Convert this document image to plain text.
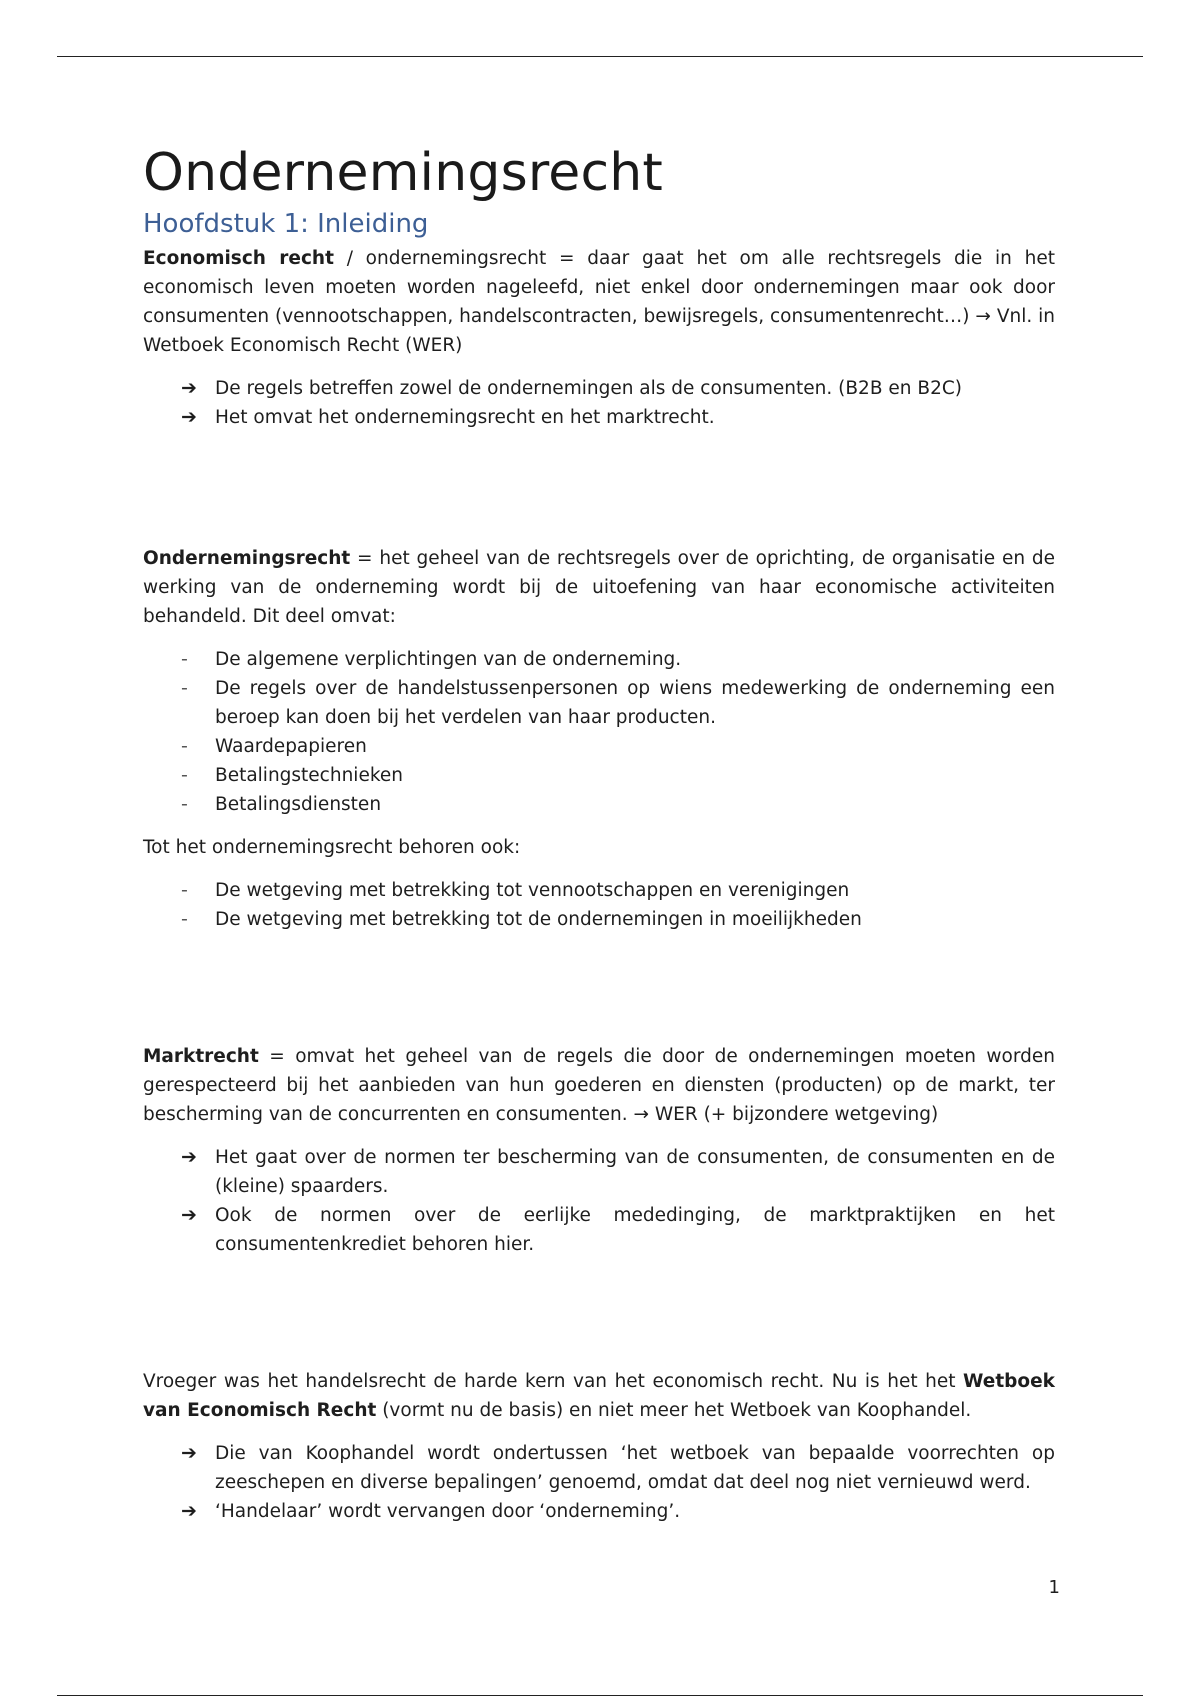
Ondernemingsrecht
Hoofdstuk 1: Inleiding

Economisch recht / ondernemingsrecht = daar gaat het om alle rechtsregels die in het economisch leven moeten worden nageleefd, niet enkel door ondernemingen maar ook door consumenten (vennootschappen, handelscontracten, bewijsregels, consumentenrecht…) → Vnl. in Wetboek Economisch Recht (WER)

➔ De regels betreffen zowel de ondernemingen als de consumenten. (B2B en B2C)
➔ Het omvat het ondernemingsrecht en het marktrecht.

Ondernemingsrecht = het geheel van de rechtsregels over de oprichting, de organisatie en de werking van de onderneming wordt bij de uitoefening van haar economische activiteiten behandeld. Dit deel omvat:

-	De algemene verplichtingen van de onderneming.
-	De regels over de handelstussenpersonen op wiens medewerking de onderneming een beroep kan doen bij het verdelen van haar producten.
-	Waardepapieren
-	Betalingstechnieken
-	Betalingsdiensten

Tot het ondernemingsrecht behoren ook:

-	De wetgeving met betrekking tot vennootschappen en verenigingen
-	De wetgeving met betrekking tot de ondernemingen in moeilijkheden

Marktrecht = omvat het geheel van de regels die door de ondernemingen moeten worden gerespecteerd bij het aanbieden van hun goederen en diensten (producten) op de markt, ter bescherming van de concurrenten en consumenten. → WER (+ bijzondere wetgeving)

➔ Het gaat over de normen ter bescherming van de consumenten, de consumenten en de (kleine) spaarders.
➔ Ook de normen over de eerlijke mededinging, de marktpraktijken en het consumentenkrediet behoren hier.

Vroeger was het handelsrecht de harde kern van het economisch recht. Nu is het het Wetboek van Economisch Recht (vormt nu de basis) en niet meer het Wetboek van Koophandel.

➔ Die van Koophandel wordt ondertussen ‘het wetboek van bepaalde voorrechten op zeeschepen en diverse bepalingen’ genoemd, omdat dat deel nog niet vernieuwd werd.
➔ ‘Handelaar’ wordt vervangen door ‘onderneming’.
1
